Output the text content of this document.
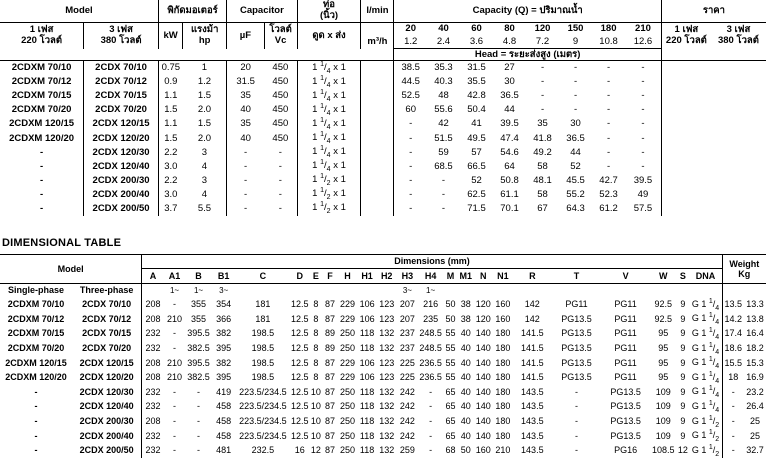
Model		พิกัดมอเตอร์		Capacitor		ท่อ
(นิ้ว)	l/min	Capacity (Q) = ปริมาณน้ำ								ราคา	
1 เฟส
220 โวลต์	3 เฟส
380 โวลต์	kW	แรงม้า
hp	µF	โวลต์
Vc	ดูด x ส่ง		20	40	60	80	120	150	180	210	1 เฟส
220 โวลต์	3 เฟส
380 โวลต์
							m³/h	1.2	2.4	3.6	4.8	7.2	9	10.8	12.6		
								Head = ระยะส่งสูง (เมตร)									
2CDXM 70/10	2CDX 70/10	0.75	1	20	450	1 $^1/_4$ x 1		38.5	35.3	31.5	27	-	-	-	-		
2CDXM 70/12	2CDX 70/12	0.9	1.2	31.5	450	1 $^1/_4$ x 1		44.5	40.3	35.5	30	-	-	-	-		
2CDXM 70/15	2CDX 70/15	1.1	1.5	35	450	1 $^1/_4$ x 1		52.5	48	42.8	36.5	-	-	-	-		
2CDXM 70/20	2CDX 70/20	1.5	2.0	40	450	1 $^1/_4$ x 1		60	55.6	50.4	44	-	-	-	-		
2CDXM 120/15	2CDX 120/15	1.1	1.5	35	450	1 $^1/_4$ x 1		-	42	41	39.5	35	30	-	-		
2CDXM 120/20	2CDX 120/20	1.5	2.0	40	450	1 $^1/_4$ x 1		-	51.5	49.5	47.4	41.8	36.5	-	-		
-	2CDX 120/30	2.2	3	-	-	1 $^1/_4$ x 1		-	59	57	54.6	49.2	44	-	-		
-	2CDX 120/40	3.0	4	-	-	1 $^1/_4$ x 1		-	68.5	66.5	64	58	52	-	-		
-	2CDX 200/30	2.2	3	-	-	1 $^1/_2$ x 1		-	-	52	50.8	48.1	45.5	42.7	39.5		
-	2CDX 200/40	3.0	4	-	-	1 $^1/_2$ x 1		-	-	62.5	61.1	58	55.2	52.3	49		
-	2CDX 200/50	3.7	5.5	-	-	1 $^1/_2$ x 1		-	-	71.5	70.1	67	64.3	61.2	57.5		
DIMENSIONAL TABLE
Model		Dimensions (mm)																							Weight
Kg	
		A	A1	B	B1	C	D	E	F	H	H1	H2	H3	H4	M	M1	N	N1	R	T	V	W	S	DNA		
Single-phase	Three-phase		1~	1~	3~								3~	1~												
2CDXM 70/10	2CDX 70/10	208	-	355	354	181	12.5	8	87	229	106	123	207	216	50	38	120	160	142	PG11	PG11	92.5	9	G 1 $^1/_4$	13.5	13.3
2CDXM 70/12	2CDX 70/12	208	210	355	366	181	12.5	8	87	229	106	123	207	235	50	38	120	160	142	PG13.5	PG11	92.5	9	G 1 $^1/_4$	14.2	13.8
2CDXM 70/15	2CDX 70/15	232	-	395.5	382	198.5	12.5	8	89	250	118	132	237	248.5	55	40	140	180	141.5	PG13.5	PG11	95	9	G 1 $^1/_4$	17.4	16.4
2CDXM 70/20	2CDX 70/20	232	-	382.5	395	198.5	12.5	8	89	250	118	132	237	248.5	55	40	140	180	141.5	PG13.5	PG11	95	9	G 1 $^1/_4$	18.6	18.2
2CDXM 120/15	2CDX 120/15	208	210	395.5	382	198.5	12.5	8	87	229	106	123	225	236.5	55	40	140	180	141.5	PG13.5	PG11	95	9	G 1 $^1/_4$	15.5	15.3
2CDXM 120/20	2CDX 120/20	208	210	382.5	395	198.5	12.5	8	87	229	106	123	225	236.5	55	40	140	180	141.5	PG13.5	PG11	95	9	G 1 $^1/_4$	18	16.9
-	2CDX 120/30	232	-	-	419	223.5/234.5	12.5	10	87	250	118	132	242	-	65	40	140	180	143.5	-	PG13.5	109	9	G 1 $^1/_4$	-	23.2
-	2CDX 120/40	232	-	-	458	223.5/234.5	12.5	10	87	250	118	132	242	-	65	40	140	180	143.5	-	PG13.5	109	9	G 1 $^1/_4$	-	26.4
-	2CDX 200/30	208	-	-	458	223.5/234.5	12.5	10	87	250	118	132	242	-	65	40	140	180	143.5	-	PG13.5	109	9	G 1 $^1/_2$	-	25
-	2CDX 200/40	232	-	-	458	223.5/234.5	12.5	10	87	250	118	132	242	-	65	40	140	180	143.5	-	PG13.5	109	9	G 1 $^1/_2$	-	25
-	2CDX 200/50	232	-	-	481	232.5	16	12	87	250	118	132	259	-	68	50	160	210	143.5	-	PG16	108.5	12	G 1 $^1/_2$	-	32.7
